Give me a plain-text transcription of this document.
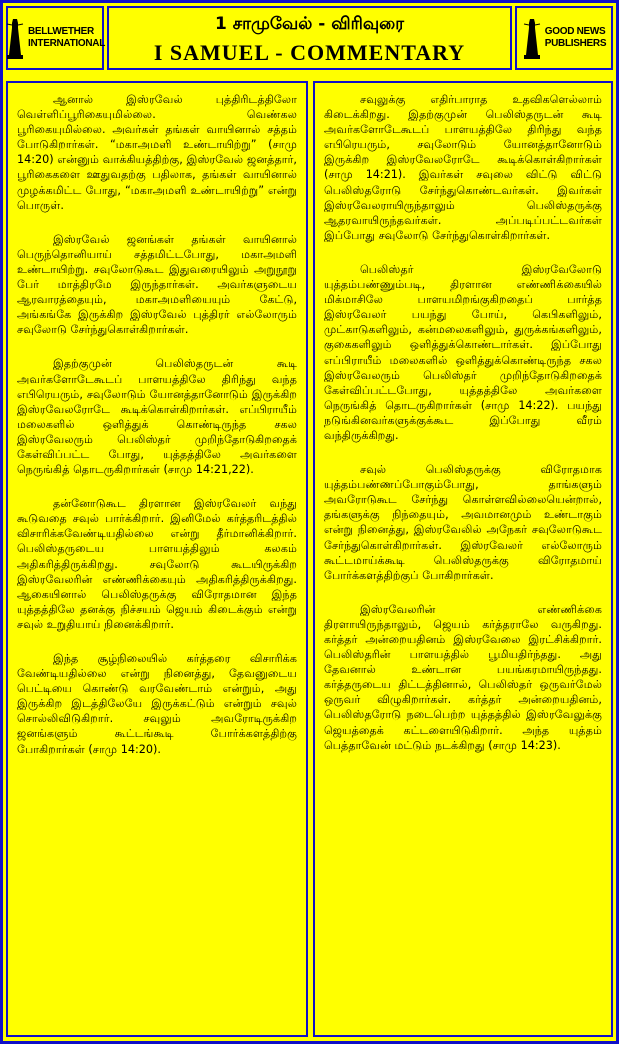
BELLWETHER
INTERNATIONAL
1 சாமுவேல் - விரிவுரை
I SAMUEL - COMMENTARY
GOOD NEWS
PUBLISHERS

ஆனால் இஸ்ரவேல் புத்திரிடத்திலோ வெள்ளிப்பூரிகையுமில்லை. வெண்கல பூரிகையுமில்லை. அவர்கள் தங்கள் வாயினால் சத்தம் போடுகிறார்கள். “மகாஅமளி உண்டாயிற்று” (சாமு 14:20) என்னும் வாக்கியத்திற்கு, இஸ்ரவேல் ஜனத்தார், பூரிகைகளை ஊதுவதற்கு பதிலாக, தங்கள் வாயினால் முழக்கமிட்ட போது, “மகாஅமளி உண்டாயிற்று” என்று பொருள்.

இஸ்ரவேல் ஜனங்கள் தங்கள் வாயினால் பெருந்தொனியாய் சத்தமிட்டபோது, மகாஅமளி உண்டாயிற்று. சவுலோடுகூட இதுவரையிலும் அறுநூறு பேர் மாத்திரமே இருந்தார்கள். அவர்களுடைய ஆரவாரத்தையும், மகாஅமளியையும் கேட்டு, அங்கங்கே இருக்கிற இஸ்ரவேல் புத்திரர் எல்லோரும் சவுலோடு சேர்ந்துகொள்கிறார்கள்.

இதற்குமுன் பெலிஸ்தருடன் கூடி அவர்களோடேகூடப் பாளயத்திலே திரிந்து வந்த எபிரெயரும், சவுலோடும் யோனத்தானோடும் இருக்கிற இஸ்ரவேலரோடே கூடிக்கொள்கிறார்கள். எப்பிராயீம் மலைகளில் ஒளித்துக் கொண்டிருந்த சகல இஸ்ரவேலரும் பெலிஸ்தர் முறிந்தோடுகிறதைக் கேள்விப்பட்ட போது, யுத்தத்திலே அவர்களை நெருங்கித் தொடருகிறார்கள் (சாமு 14:21,22).

தன்னோடுகூட திரளான இஸ்ரவேலர் வந்து கூடுவதை சவுல் பார்க்கிறார். இனிமேல் கர்த்தரிடத்தில் விசாரிக்கவேண்டியதில்லை என்று தீர்மானிக்கிறார். பெலிஸ்தருடைய பாளயத்திலும் கலகம் அதிகரித்திருக்கிறது. சவுலோடு கூடயிருக்கிற இஸ்ரவேலரின் எண்ணிக்கையும் அதிகரித்திருக்கிறது. ஆகையினால் பெலிஸ்தருக்கு விரோதமான இந்த யுத்தத்திலே தனக்கு நிச்சயம் ஜெயம் கிடைக்கும் என்று சவுல் உறுதியாய் நினைக்கிறார்.

இந்த சூழ்நிலையில் கர்த்தரை விசாரிக்க வேண்டியதில்லை என்று நினைத்து, தேவனுடைய பெட்டியை கொண்டு வரவேண்டாம் என்றும், அது இருக்கிற இடத்திலேயே இருக்கட்டும் என்றும் சவுல் சொல்லிவிடுகிறார். சவுலும் அவரோடிருக்கிற ஜனங்களும் கூட்டங்கூடி போர்க்களத்திற்கு போகிறார்கள் (சாமு 14:20).

சவுலுக்கு எதிர்பாராத உதவிகளெல்லாம் கிடைக்கிறது. இதற்குமுன் பெலிஸ்தருடன் கூடி அவர்களோடேகூடப் பாளயத்திலே திரிந்து வந்த எபிரெயரும், சவுலோடும் யோனத்தானோடும் இருக்கிற இஸ்ரவேலரோடே கூடிக்கொள்கிறார்கள் (சாமு 14:21). இவர்கள் சவுலை விட்டு விட்டு பெலிஸ்தரோடு சேர்ந்துகொண்டவர்கள். இவர்கள் இஸ்ரவேலராயிருந்தாலும் பெலிஸ்தருக்கு ஆதரவாயிருந்தவர்கள். அப்படிப்பட்டவர்கள் இப்போது சவுலோடு சேர்ந்துகொள்கிறார்கள்.

பெலிஸ்தர் இஸ்ரவேலோடு யுத்தம்பண்ணும்படி, திரளான எண்ணிக்கையில் மிக்மாசிலே பாளயமிறங்குகிறதைப் பார்த்த இஸ்ரவேலர் பயந்து போய், கெபிகளிலும், முட்காடுகளிலும், கன்மலைகளிலும், துருக்கங்களிலும், குகைகளிலும் ஒளித்துக்கொண்டார்கள். இப்போது எப்பிராயீம் மலைகளில் ஒளித்துக்கொண்டிருந்த சகல இஸ்ரவேலரும் பெலிஸ்தர் முறிந்தோடுகிறதைக் கேள்விப்பட்டபோது, யுத்தத்திலே அவர்களை நெருங்கித் தொடருகிறார்கள் (சாமு 14:22). பயந்து நடுங்கினவர்களுக்குக்கூட இப்போது வீரம் வந்திருக்கிறது.

சவுல் பெலிஸ்தருக்கு விரோதமாக யுத்தம்பண்ணப்போகும்போது, தாங்களும் அவரோடுகூட சேர்ந்து கொள்ளவில்லையென்றால், தங்களுக்கு நிந்தையும், அவமானமும் உண்டாகும் என்று நினைத்து, இஸ்ரவேலில் அநேகர் சவுலோடுகூட சேர்ந்துகொள்கிறார்கள். இஸ்ரவேலர் எல்லோரும் கூட்டமாய்க்கூடி பெலிஸ்தருக்கு விரோதமாய் போர்க்களத்திற்குப் போகிறார்கள்.

இஸ்ரவேலரின் எண்ணிக்கை திரளாயிருந்தாலும், ஜெயம் கர்த்தராலே வருகிறது. கர்த்தர் அன்றையதினம் இஸ்ரவேலை இரட்சிக்கிறார். பெலிஸ்தரின் பாளயத்தில் பூமியதிர்ந்தது. அது தேவனால் உண்டான பயங்கரமாயிருந்தது. கர்த்தருடைய திட்டத்தினால், பெலிஸ்தர் ஒருவர்மேல் ஒருவர் விழுகிறார்கள். கர்த்தர் அன்றையதினம், பெலிஸ்தரோடு நடைபெற்ற யுத்தத்தில் இஸ்ரவேலுக்கு ஜெயத்தைக் கட்டளையிடுகிறார். அந்த யுத்தம் பெத்தாவேன் மட்டும் நடக்கிறது (சாமு 14:23).
